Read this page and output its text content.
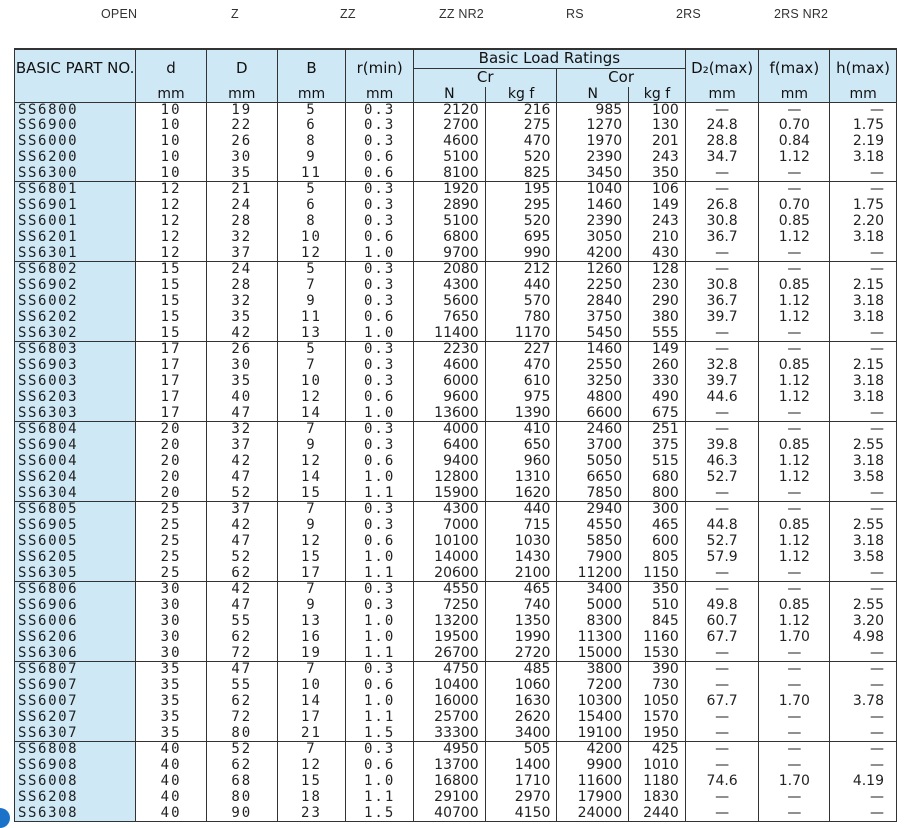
OPEN	Z	ZZ	ZZ NR2	RS	2RS	2RS NR2
BASIC PART NO.	d	D	B	r(min)	Basic Load Ratings				D₂(max)	f(max)	h(max)
					Cr		Cor				
	mm	mm	mm	mm	N	kg f	N	kg f	mm	mm	mm
SS6800	10	19	5	0.3	2120	216	985	100	—	—	—
SS6900	10	22	6	0.3	2700	275	1270	130	24.8	0.70	1.75
SS6000	10	26	8	0.3	4600	470	1970	201	28.8	0.84	2.19
SS6200	10	30	9	0.6	5100	520	2390	243	34.7	1.12	3.18
SS6300	10	35	11	0.6	8100	825	3450	350	—	—	—
SS6801	12	21	5	0.3	1920	195	1040	106	—	—	—
SS6901	12	24	6	0.3	2890	295	1460	149	26.8	0.70	1.75
SS6001	12	28	8	0.3	5100	520	2390	243	30.8	0.85	2.20
SS6201	12	32	10	0.6	6800	695	3050	210	36.7	1.12	3.18
SS6301	12	37	12	1.0	9700	990	4200	430	—	—	—
SS6802	15	24	5	0.3	2080	212	1260	128	—	—	—
SS6902	15	28	7	0.3	4300	440	2250	230	30.8	0.85	2.15
SS6002	15	32	9	0.3	5600	570	2840	290	36.7	1.12	3.18
SS6202	15	35	11	0.6	7650	780	3750	380	39.7	1.12	3.18
SS6302	15	42	13	1.0	11400	1170	5450	555	—	—	—
SS6803	17	26	5	0.3	2230	227	1460	149	—	—	—
SS6903	17	30	7	0.3	4600	470	2550	260	32.8	0.85	2.15
SS6003	17	35	10	0.3	6000	610	3250	330	39.7	1.12	3.18
SS6203	17	40	12	0.6	9600	975	4800	490	44.6	1.12	3.18
SS6303	17	47	14	1.0	13600	1390	6600	675	—	—	—
SS6804	20	32	7	0.3	4000	410	2460	251	—	—	—
SS6904	20	37	9	0.3	6400	650	3700	375	39.8	0.85	2.55
SS6004	20	42	12	0.6	9400	960	5050	515	46.3	1.12	3.18
SS6204	20	47	14	1.0	12800	1310	6650	680	52.7	1.12	3.58
SS6304	20	52	15	1.1	15900	1620	7850	800	—	—	—
SS6805	25	37	7	0.3	4300	440	2940	300	—	—	—
SS6905	25	42	9	0.3	7000	715	4550	465	44.8	0.85	2.55
SS6005	25	47	12	0.6	10100	1030	5850	600	52.7	1.12	3.18
SS6205	25	52	15	1.0	14000	1430	7900	805	57.9	1.12	3.58
SS6305	25	62	17	1.1	20600	2100	11200	1150	—	—	—
SS6806	30	42	7	0.3	4550	465	3400	350	—	—	—
SS6906	30	47	9	0.3	7250	740	5000	510	49.8	0.85	2.55
SS6006	30	55	13	1.0	13200	1350	8300	845	60.7	1.12	3.20
SS6206	30	62	16	1.0	19500	1990	11300	1160	67.7	1.70	4.98
SS6306	30	72	19	1.1	26700	2720	15000	1530	—	—	—
SS6807	35	47	7	0.3	4750	485	3800	390	—	—	—
SS6907	35	55	10	0.6	10400	1060	7200	730	—	—	—
SS6007	35	62	14	1.0	16000	1630	10300	1050	67.7	1.70	3.78
SS6207	35	72	17	1.1	25700	2620	15400	1570	—	—	—
SS6307	35	80	21	1.5	33300	3400	19100	1950	—	—	—
SS6808	40	52	7	0.3	4950	505	4200	425	—	—	—
SS6908	40	62	12	0.6	13700	1400	9900	1010	—	—	—
SS6008	40	68	15	1.0	16800	1710	11600	1180	74.6	1.70	4.19
SS6208	40	80	18	1.1	29100	2970	17900	1830	—	—	—
SS6308	40	90	23	1.5	40700	4150	24000	2440	—	—	—
